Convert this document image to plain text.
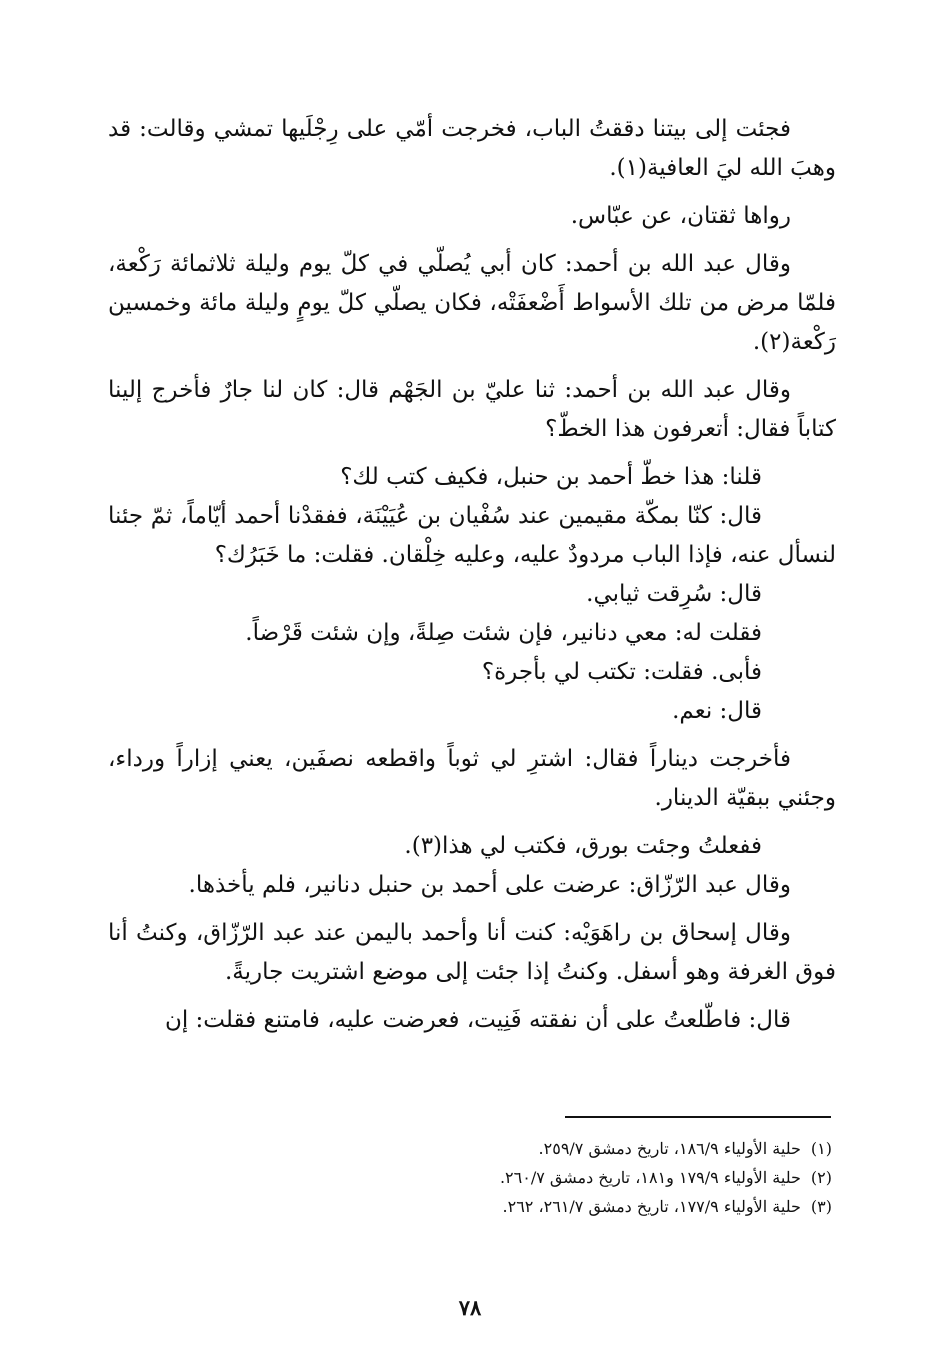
فجئت إلى بيتنا دققتُ الباب، فخرجت أمّي على رِجْلَيها تمشي وقالت: قد وهبَ الله ليَ العافية(١).

رواها ثقتان، عن عبّاس.

وقال عبد الله بن أحمد: كان أبي يُصلّي في كلّ يوم وليلة ثلاثمائة رَكْعة، فلمّا مرض من تلك الأسواط أَضْعفَتْه، فكان يصلّي كلّ يومٍ وليلة مائة وخمسين رَكْعة(٢).

وقال عبد الله بن أحمد: ثنا عليّ بن الجَهْم قال: كان لنا جارٌ فأخرج إلينا كتاباً فقال: أتعرفون هذا الخطّ؟

قلنا: هذا خطّ أحمد بن حنبل، فكيف كتب لك؟

قال: كنّا بمكّة مقيمين عند سُفْيان بن عُيَيْنَة، ففقدْنا أحمد أيّاماً، ثمّ جئنا لنسأل عنه، فإذا الباب مردودٌ عليه، وعليه خِلْقان. فقلت: ما خَبَرُك؟

قال: سُرِقت ثيابي.

فقلت له: معي دنانير، فإن شئت صِلةً، وإن شئت قَرْضاً.

فأبى. فقلت: تكتب لي بأجرة؟

قال: نعم.

فأخرجت ديناراً فقال: اشترِ لي ثوباً واقطعه نصفَين، يعني إزاراً ورداء، وجئني ببقيّة الدينار.

ففعلتُ وجئت بورق، فكتب لي هذا(٣).

وقال عبد الرّزّاق: عرضت على أحمد بن حنبل دنانير، فلم يأخذها.

وقال إسحاق بن راهَوَيْه: كنت أنا وأحمد باليمن عند عبد الرّزّاق، وكنتُ أنا فوق الغرفة وهو أسفل. وكنتُ إذا جئت إلى موضع اشتريت جاريةً.

قال: فاطّلعتُ على أن نفقته فَنِيت، فعرضت عليه، فامتنع فقلت: إن

(١)حلية الأولياء ١٨٦/٩، تاريخ دمشق ٢٥٩/٧.
(٢)حلية الأولياء ١٧٩/٩ و١٨١، تاريخ دمشق ٢٦٠/٧.
(٣)حلية الأولياء ١٧٧/٩، تاريخ دمشق ٢٦١/٧، ٢٦٢.
٧٨
